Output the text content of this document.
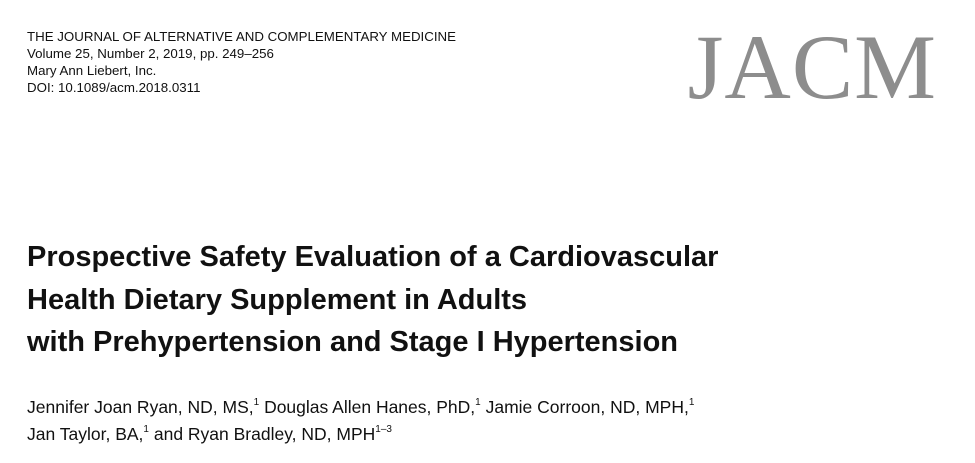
THE JOURNAL OF ALTERNATIVE AND COMPLEMENTARY MEDICINE
Volume 25, Number 2, 2019, pp. 249–256
Mary Ann Liebert, Inc.
DOI: 10.1089/acm.2018.0311	JACM
Prospective Safety Evaluation of a Cardiovascular
Health Dietary Supplement in Adults
with Prehypertension and Stage I Hypertension
Jennifer Joan Ryan, ND, MS,$^1$ Douglas Allen Hanes, PhD,$^1$ Jamie Corroon, ND, MPH,$^1$
Jan Taylor, BA,$^1$ and Ryan Bradley, ND, MPH$^{1-3}$
